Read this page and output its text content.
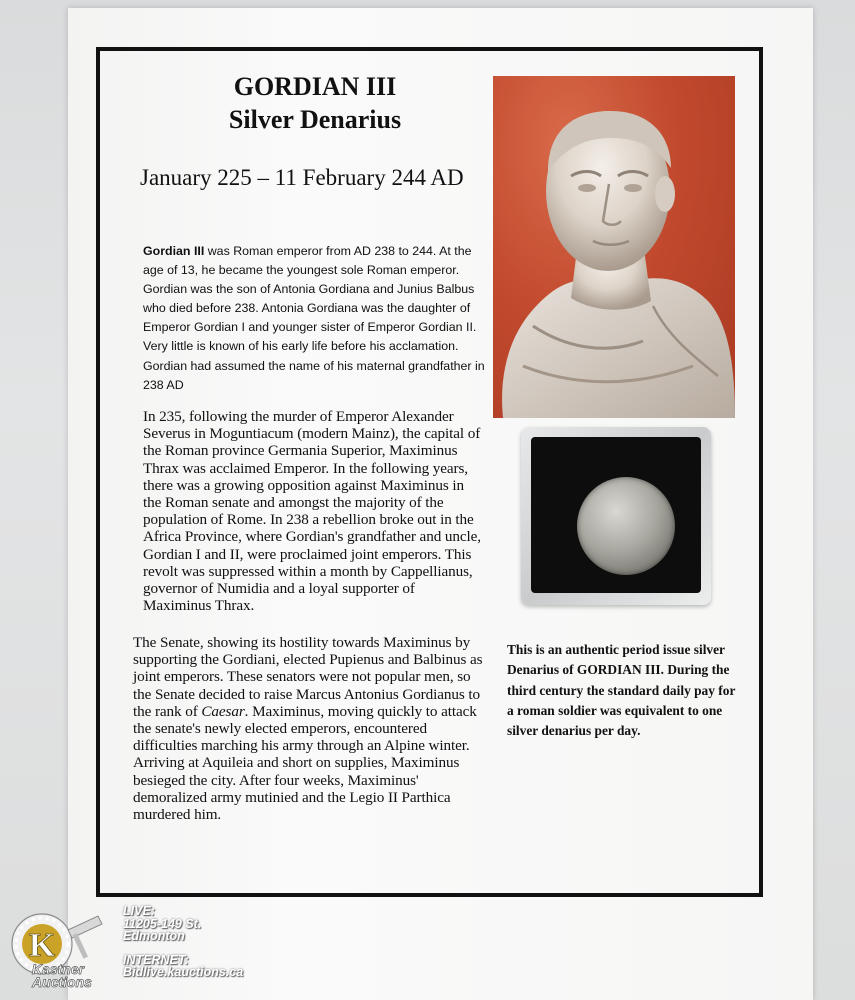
GORDIAN III
Silver Denarius
January 225 – 11 February 244 AD

Gordian III was Roman emperor from AD 238 to 244. At the age of 13, he became the youngest sole Roman emperor. Gordian was the son of Antonia Gordiana and Junius Balbus who died before 238. Antonia Gordiana was the daughter of Emperor Gordian I and younger sister of Emperor Gordian II. Very little is known of his early life before his acclamation. Gordian had assumed the name of his maternal grandfather in 238 AD

In 235, following the murder of Emperor Alexander Severus in Moguntiacum (modern Mainz), the capital of the Roman province Germania Superior, Maximinus Thrax was acclaimed Emperor. In the following years, there was a growing opposition against Maximinus in the Roman senate and amongst the majority of the population of Rome. In 238 a rebellion broke out in the Africa Province, where Gordian's grandfather and uncle, Gordian I and II, were proclaimed joint emperors. This revolt was suppressed within a month by Cappellianus, governor of Numidia and a loyal supporter of Maximinus Thrax.

The Senate, showing its hostility towards Maximinus by supporting the Gordiani, elected Pupienus and Balbinus as joint emperors. These senators were not popular men, so the Senate decided to raise Marcus Antonius Gordianus to the rank of Caesar. Maximinus, moving quickly to attack the senate's newly elected emperors, encountered difficulties marching his army through an Alpine winter. Arriving at Aquileia and short on supplies, Maximinus besieged the city. After four weeks, Maximinus' demoralized army mutinied and the Legio II Parthica murdered him.

This is an authentic period issue silver Denarius of GORDIAN III. During the third century the standard daily pay for a roman soldier was equivalent to one silver denarius per day.

K
Kastner
Auctions
LIVE:
11205-149 St.
Edmonton
INTERNET:
Bidlive.kauctions.ca
